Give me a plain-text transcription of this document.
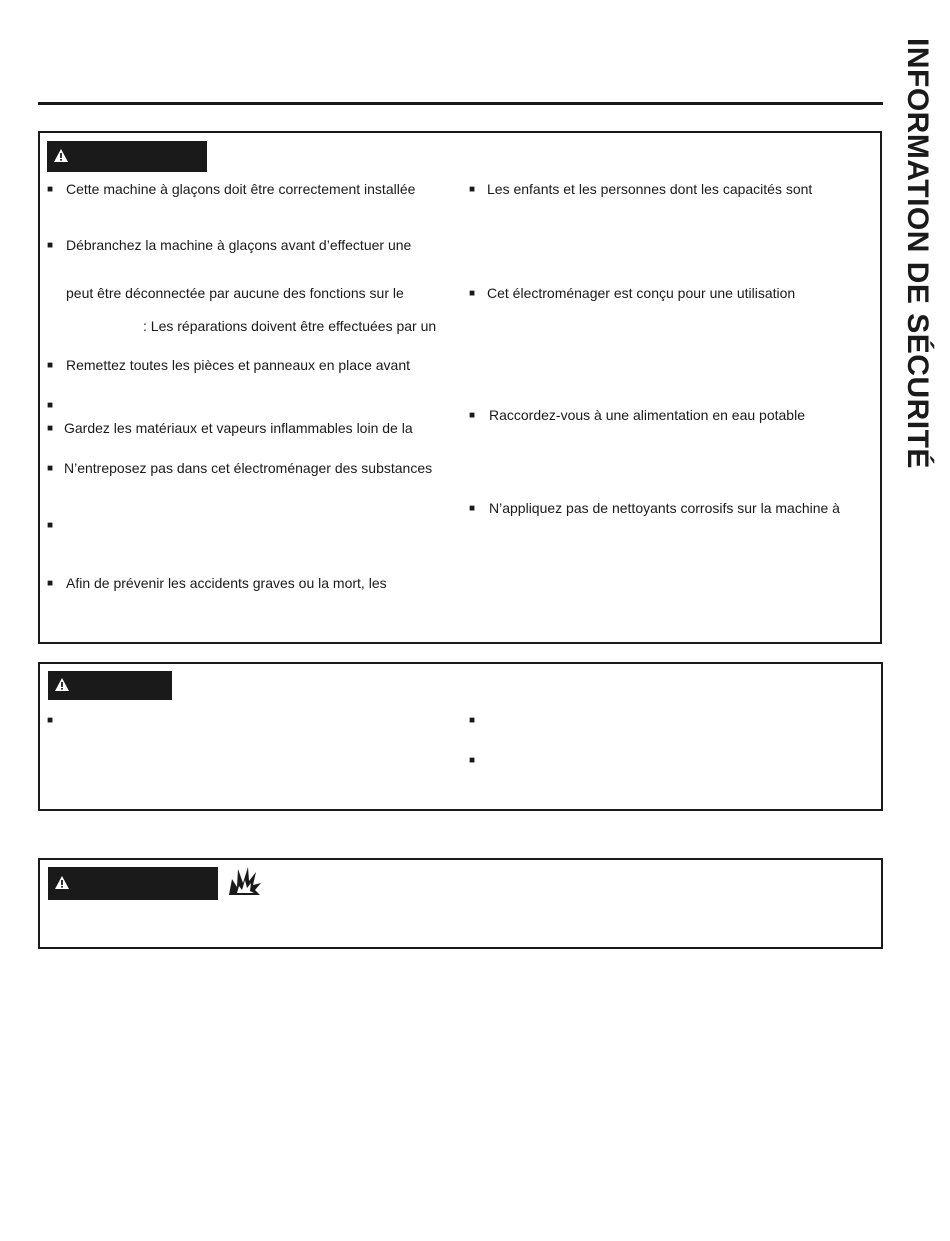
INFORMATION DE SÉCURITÉ
■ Cette machine à glaçons doit être correctement installée
■ Débranchez la machine à glaçons avant d’effectuer une
peut être déconnectée par aucune des fonctions sur le
: Les réparations doivent être effectuées par un
■ Remettez toutes les pièces et panneaux en place avant
■
■ Gardez les matériaux et vapeurs inflammables loin de la
■ N’entreposez pas dans cet électroménager des substances
■
■ Afin de prévenir les accidents graves ou la mort, les
■ Les enfants et les personnes dont les capacités sont
■ Cet électroménager est conçu pour une utilisation
■ Raccordez-vous à une alimentation en eau potable
■ N’appliquez pas de nettoyants corrosifs sur la machine à
■	■
■
